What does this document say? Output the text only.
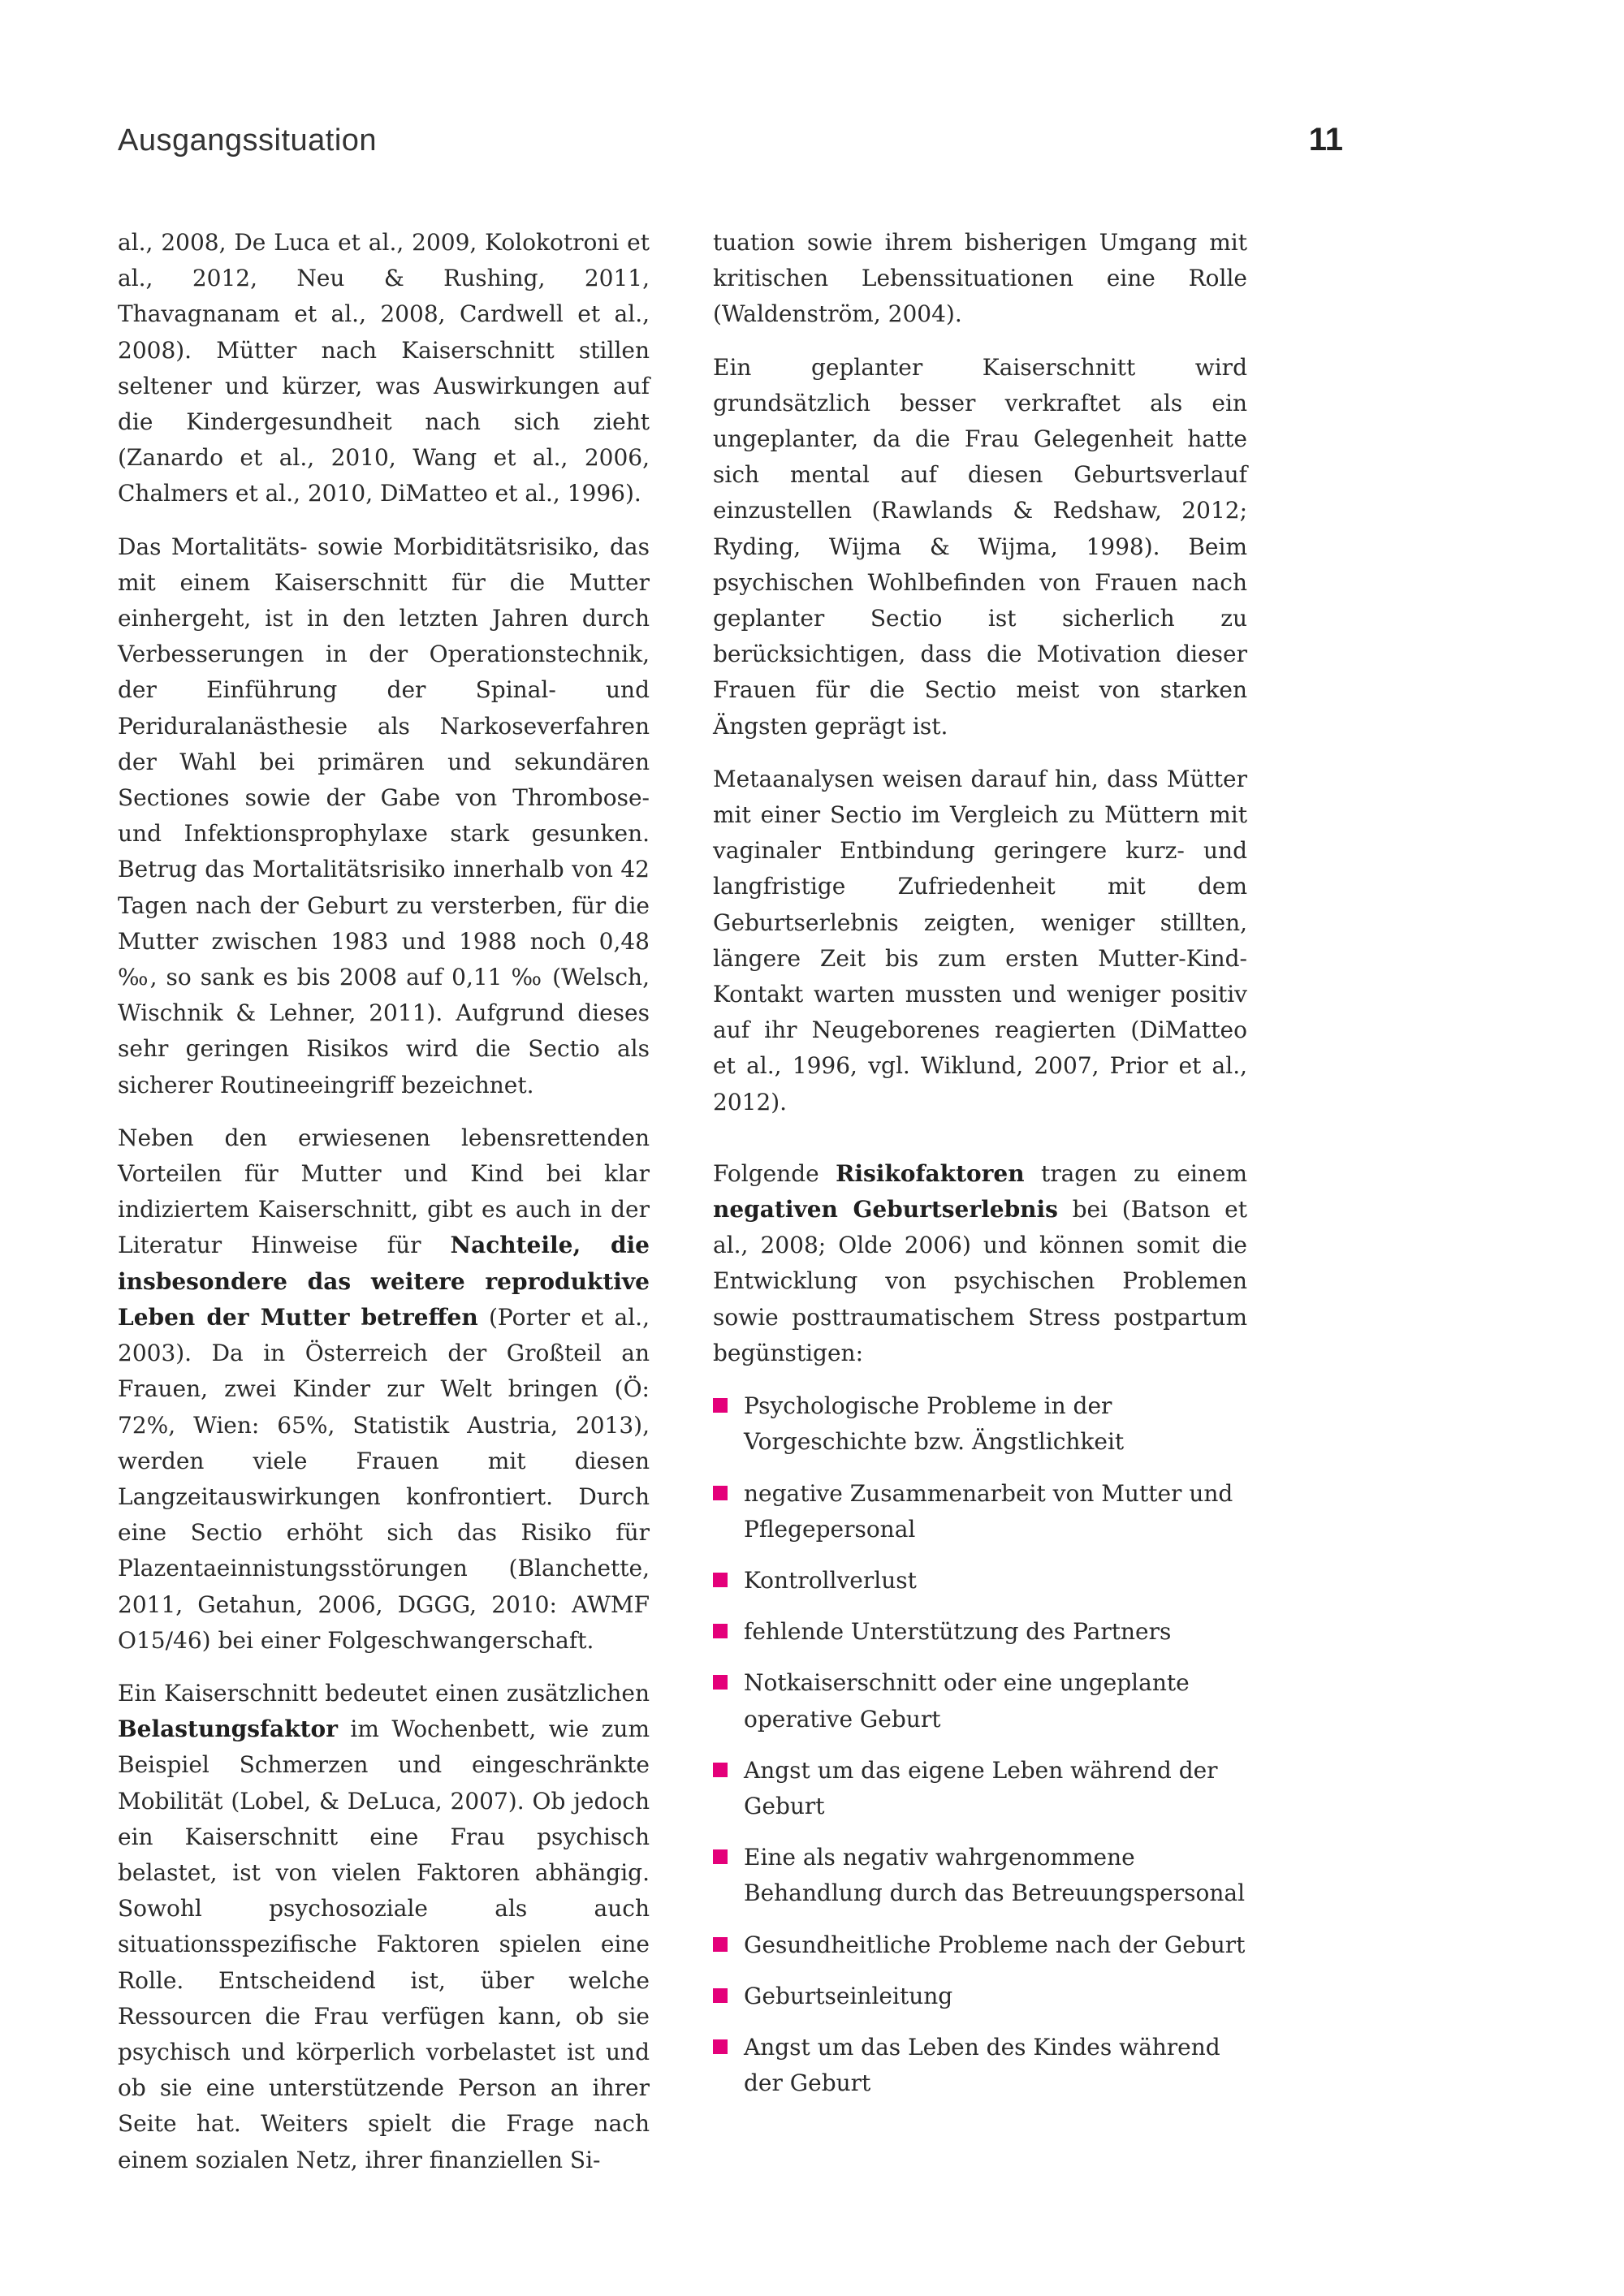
Ausgangssituation	11

al., 2008, De Luca et al., 2009, Kolokotroni et al., 2012, Neu & Rushing, 2011, Thavagnanam et al., 2008, Cardwell et al., 2008). Mütter nach Kaiserschnitt stillen seltener und kürzer, was Auswirkungen auf die Kindergesundheit nach sich zieht (Zanardo et al., 2010, Wang et al., 2006, Chalmers et al., 2010, DiMatteo et al., 1996).

Das Mortalitäts- sowie Morbiditätsrisiko, das mit einem Kaiserschnitt für die Mutter einhergeht, ist in den letzten Jahren durch Verbesserungen in der Operationstechnik, der Einführung der Spinal- und Periduralanästhesie als Narkoseverfahren der Wahl bei primären und sekundären Sectiones sowie der Gabe von Thrombose- und Infektionsprophylaxe stark gesunken. Betrug das Mortalitätsrisiko innerhalb von 42 Tagen nach der Geburt zu versterben, für die Mutter zwischen 1983 und 1988 noch 0,48 ‰, so sank es bis 2008 auf 0,11 ‰ (Welsch, Wischnik & Lehner, 2011). Aufgrund dieses sehr geringen Risikos wird die Sectio als sicherer Routineeingriff bezeichnet.

Neben den erwiesenen lebensrettenden Vorteilen für Mutter und Kind bei klar indiziertem Kaiserschnitt, gibt es auch in der Literatur Hinweise für Nachteile, die insbesondere das weitere reproduktive Leben der Mutter betreffen (Porter et al., 2003). Da in Österreich der Großteil an Frauen, zwei Kinder zur Welt bringen (Ö: 72%, Wien: 65%, Statistik Austria, 2013), werden viele Frauen mit diesen Langzeitauswirkungen konfrontiert. Durch eine Sectio erhöht sich das Risiko für Plazentaeinnistungsstörungen (Blanchette, 2011, Getahun, 2006, DGGG, 2010: AWMF O15/46) bei einer Folgeschwangerschaft.

Ein Kaiserschnitt bedeutet einen zusätzlichen Belastungsfaktor im Wochenbett, wie zum Beispiel Schmerzen und eingeschränkte Mobilität (Lobel, & DeLuca, 2007). Ob jedoch ein Kaiserschnitt eine Frau psychisch belastet, ist von vielen Faktoren abhängig. Sowohl psychosoziale als auch situationsspezifische Faktoren spielen eine Rolle. Entscheidend ist, über welche Ressourcen die Frau verfügen kann, ob sie psychisch und körperlich vorbelastet ist und ob sie eine unterstützende Person an ihrer Seite hat. Weiters spielt die Frage nach einem sozialen Netz, ihrer finanziellen Si-

tuation sowie ihrem bisherigen Umgang mit kritischen Lebenssituationen eine Rolle (Waldenström, 2004).

Ein geplanter Kaiserschnitt wird grundsätzlich besser verkraftet als ein ungeplanter, da die Frau Gelegenheit hatte sich mental auf diesen Geburtsverlauf einzustellen (Rawlands & Redshaw, 2012; Ryding, Wijma & Wijma, 1998). Beim psychischen Wohlbefinden von Frauen nach geplanter Sectio ist sicherlich zu berücksichtigen, dass die Motivation dieser Frauen für die Sectio meist von starken Ängsten geprägt ist.

Metaanalysen weisen darauf hin, dass Mütter mit einer Sectio im Vergleich zu Müttern mit vaginaler Entbindung geringere kurz- und langfristige Zufriedenheit mit dem Geburtserlebnis zeigten, weniger stillten, längere Zeit bis zum ersten Mutter-Kind-Kontakt warten mussten und weniger positiv auf ihr Neugeborenes reagierten (DiMatteo et al., 1996, vgl. Wiklund, 2007, Prior et al., 2012).

Folgende Risikofaktoren tragen zu einem negativen Geburtserlebnis bei (Batson et al., 2008; Olde 2006) und können somit die Entwicklung von psychischen Problemen sowie posttraumatischem Stress postpartum begünstigen:

Psychologische Probleme in der Vorgeschichte bzw. Ängstlichkeit
negative Zusammenarbeit von Mutter und Pflegepersonal
Kontrollverlust
fehlende Unterstützung des Partners
Notkaiserschnitt oder eine ungeplante operative Geburt
Angst um das eigene Leben während der Geburt
Eine als negativ wahrgenommene Behandlung durch das Betreuungspersonal
Gesundheitliche Probleme nach der Geburt
Geburtseinleitung
Angst um das Leben des Kindes während der Geburt
